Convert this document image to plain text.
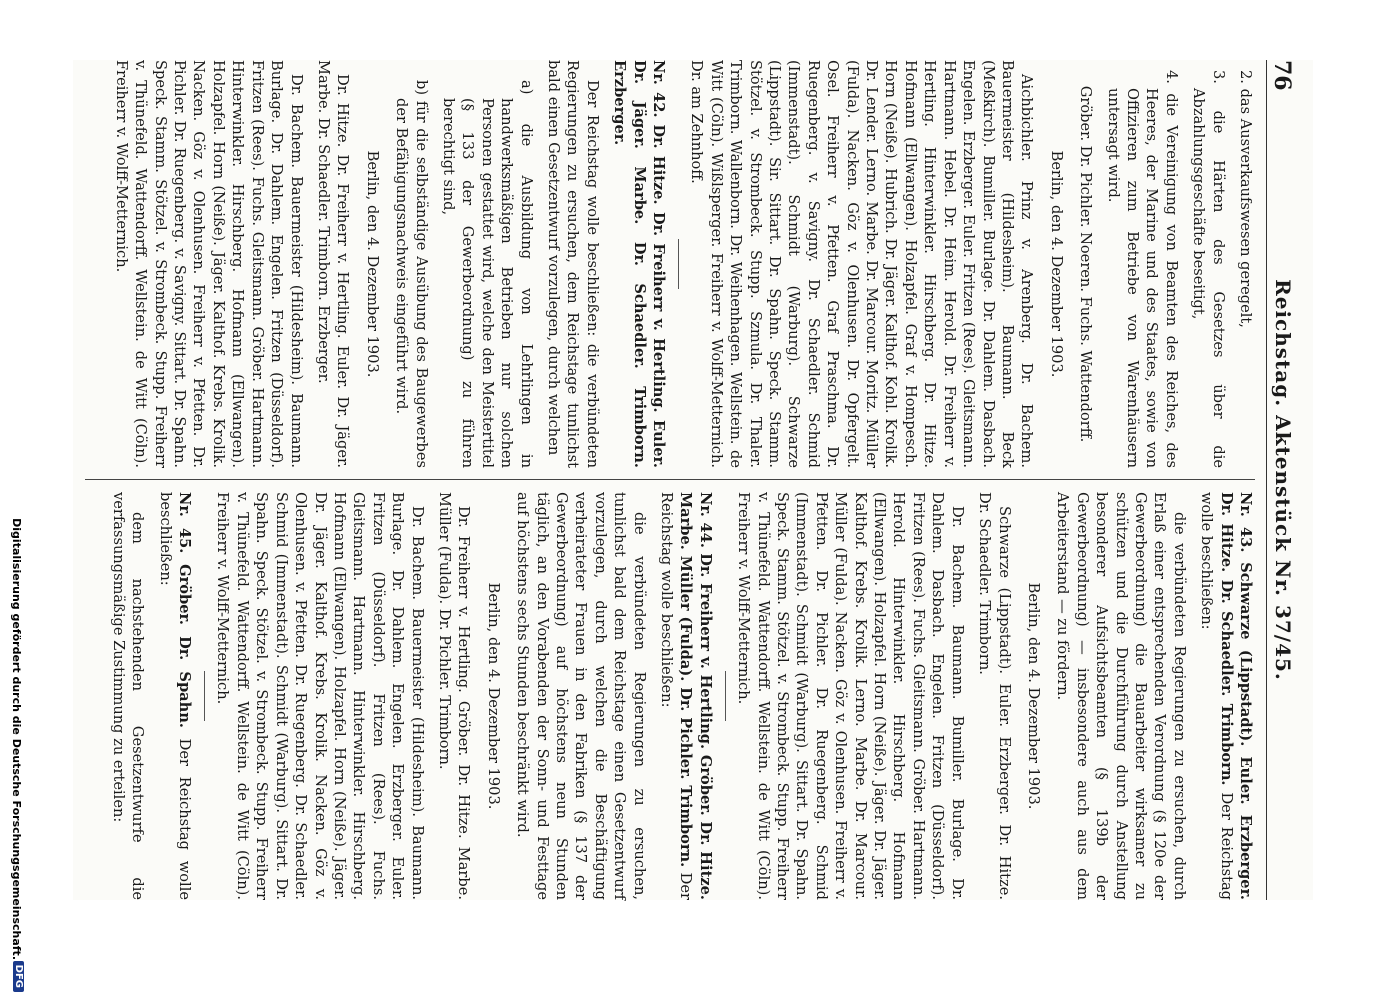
76
Reichstag. Aktenstück Nr. 37/45.

2. das Ausverkaufswesen geregelt,

3. die Härten des Gesetzes über die Abzahlungsgeschäfte beseitigt,

4. die Vereinigung von Beamten des Reiches, des Heeres, der Marine und des Staates, sowie von Offizieren zum Betriebe von Warenhäusern untersagt wird.

Gröber. Dr. Pichler. Noeren. Fuchs. Wattendorff.

Berlin, den 4. Dezember 1903.

Aichbichler. Prinz v. Arenberg. Dr. Bachem. Bauermeister (Hildesheim). Baumann. Beck (Meßkirch). Bumiller. Burlage. Dr. Dahlem. Dasbach. Engelen. Erzberger. Euler. Fritzen (Rees). Gleitsmann. Hartmann. Hebel. Dr. Heim. Herold. Dr. Freiherr v. Hertling. Hinterwinkler. Hirschberg. Dr. Hitze. Hofmann (Ellwangen). Holzapfel. Graf v. Hompesch. Horn (Neiße). Hubrich. Dr. Jäger. Kalthof. Kohl. Krolik. Dr. Lender. Lerno. Marbe. Dr. Marcour. Moritz. Müller (Fulda). Nacken. Göz v. Olenhusen. Dr. Opfergelt. Osel. Freiherr v. Pfetten. Graf Praschma. Dr. Ruegenberg. v. Savigny. Dr. Schaedler. Schmid (Immenstadt). Schmidt (Warburg). Schwarze (Lippstadt). Sir. Sittart. Dr. Spahn. Speck. Stamm. Stötzel. v. Strombeck. Stupp. Szmula. Dr. Thaler. Trimborn. Wallenborn. Dr. Weihenhagen. Wellstein. de Witt (Cöln). Wißlsperger. Freiherr v. Wolff-Metternich. Dr. am Zehnhoff.

Nr. 42. Dr. Hitze. Dr. Freiherr v. Hertling. Euler. Dr. Jäger. Marbe. Dr. Schaedler. Trimborn. Erzberger.

Der Reichstag wolle beschließen: die verbündeten Regierungen zu ersuchen, dem Reichstage tunlichst bald einen Gesetzentwurf vorzulegen, durch welchen

a) die Ausbildung von Lehrlingen in handwerksmäßigen Betrieben nur solchen Personen gestattet wird, welche den Meistertitel (§ 133 der Gewerbeordnung) zu führen berechtigt sind,

b) für die selbständige Ausübung des Baugewerbes der Befähigungsnachweis eingeführt wird.

Berlin, den 4. Dezember 1903.

Dr. Hitze. Dr. Freiherr v. Hertling. Euler. Dr. Jäger. Marbe. Dr. Schaedler. Trimborn. Erzberger.

Dr. Bachem. Bauermeister (Hildesheim). Baumann. Burlage. Dr. Dahlem. Engelen. Fritzen (Düsseldorf). Fritzen (Rees). Fuchs. Gleitsmann. Gröber. Hartmann. Hinterwinkler. Hirschberg. Hofmann (Ellwangen). Holzapfel. Horn (Neiße). Jäger. Kalthof. Krebs. Krolik. Nacken. Göz v. Olenhusen. Freiherr v. Pfetten. Dr. Pichler. Dr. Ruegenberg. v. Savigny. Sittart. Dr. Spahn. Speck. Stamm. Stötzel. v. Strombeck. Stupp. Freiherr v. Thünefeld. Wattendorff. Wellstein. de Witt (Cöln). Freiherr v. Wolff-Metternich.

Nr. 43. Schwarze (Lippstadt). Euler. Erzberger. Dr. Hitze. Dr. Schaedler. Trimborn. Der Reichstag wolle beschließen:

die verbündeten Regierungen zu ersuchen, durch Erlaß einer entsprechenden Verordnung (§ 120e der Gewerbeordnung) die Bauarbeiter wirksamer zu schützen und die Durchführung durch Anstellung besonderer Aufsichtsbeamten (§ 139b der Gewerbeordnung) — insbesondere auch aus dem Arbeiterstand — zu fördern.

Berlin, den 4. Dezember 1903.

Schwarze (Lippstadt). Euler. Erzberger. Dr. Hitze. Dr. Schaedler. Trimborn.

Dr. Bachem. Baumann. Bumiller. Burlage. Dr. Dahlem. Dasbach. Engelen. Fritzen (Düsseldorf). Fritzen (Rees). Fuchs. Gleitsmann. Gröber. Hartmann. Herold. Hinterwinkler. Hirschberg. Hofmann (Ellwangen). Holzapfel. Horn (Neiße). Jäger. Dr. Jäger. Kalthof. Krebs. Krolik. Lerno. Marbe. Dr. Marcour. Müller (Fulda). Nacken. Göz v. Olenhusen. Freiherr v. Pfetten. Dr. Pichler. Dr. Ruegenberg. Schmid (Immenstadt). Schmidt (Warburg). Sittart. Dr. Spahn. Speck. Stamm. Stötzel. v. Strombeck. Stupp. Freiherr v. Thünefeld. Wattendorff. Wellstein. de Witt (Cöln). Freiherr v. Wolff-Metternich.

Nr. 44. Dr. Freiherr v. Hertling. Gröber. Dr. Hitze. Marbe. Müller (Fulda). Dr. Pichler. Trimborn. Der Reichstag wolle beschließen:

die verbündeten Regierungen zu ersuchen, tunlichst bald dem Reichstage einen Gesetzentwurf vorzulegen, durch welchen die Beschäftigung verheirateter Frauen in den Fabriken (§ 137 der Gewerbeordnung) auf höchstens neun Stunden täglich, an den Vorabenden der Sonn- und Festtage auf höchstens sechs Stunden beschränkt wird.

Berlin, den 4. Dezember 1903.

Dr. Freiherr v. Hertling. Gröber. Dr. Hitze. Marbe. Müller (Fulda). Dr. Pichler. Trimborn.

Dr. Bachem. Bauermeister (Hildesheim). Baumann. Burlage. Dr. Dahlem. Engelen. Erzberger. Euler. Fritzen (Düsseldorf). Fritzen (Rees). Fuchs. Gleitsmann. Hartmann. Hinterwinkler. Hirschberg. Hofmann (Ellwangen). Holzapfel. Horn (Neiße). Jäger. Dr. Jäger. Kalthof. Krebs. Krolik. Nacken. Göz v. Olenhusen. v. Pfetten. Dr. Ruegenberg. Dr. Schaedler. Schmid (Immenstadt). Schmidt (Warburg). Sittart. Dr. Spahn. Speck. Stötzel. v. Strombeck. Stupp. Freiherr v. Thünefeld. Wattendorff. Wellstein. de Witt (Cöln). Freiherr v. Wolff-Metternich.

Nr. 45. Gröber. Dr. Spahn. Der Reichstag wolle beschließen:

dem nachstehenden Gesetzentwurfe die verfassungsmäßige Zustimmung zu erteilen:

Digitalisierung gefördert durch die Deutsche Forschungsgemeinschaft.
DFG
